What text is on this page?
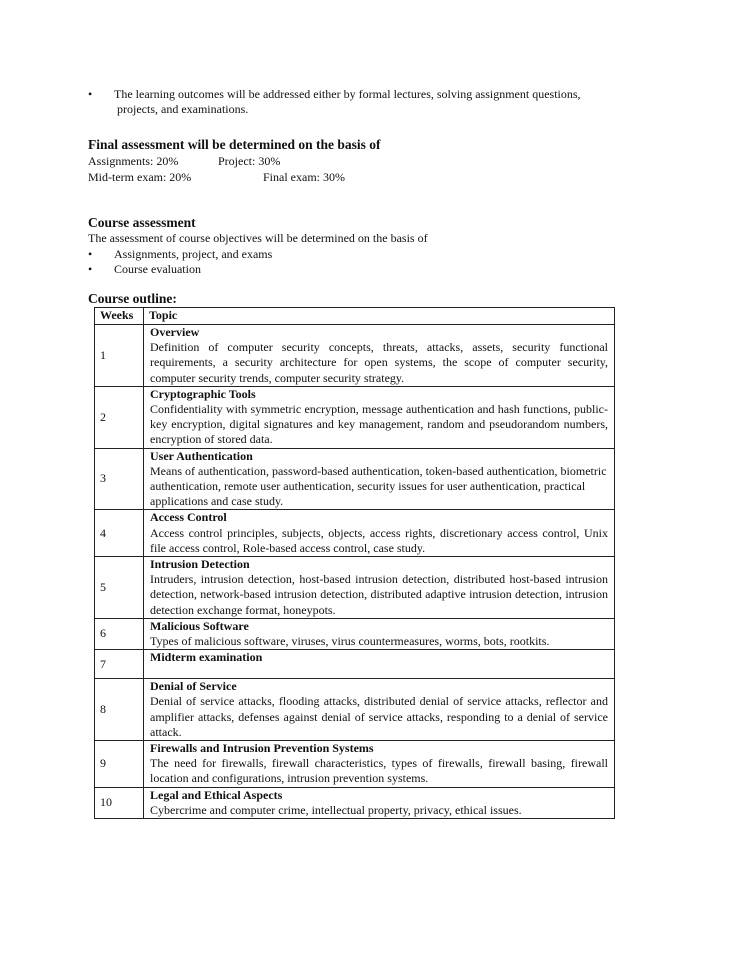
• The learning outcomes will be addressed either by formal lectures, solving assignment questions,
projects, and examinations.
Final assessment will be determined on the basis of
Assignments: 20%	Project: 30%
Mid-term exam: 20%	Final exam: 30%
Course assessment
The assessment of course objectives will be determined on the basis of
• Assignments, project, and exams
• Course evaluation
Course outline:
Weeks	Topic
1	Overview
Definition of computer security concepts, threats, attacks, assets, security functional requirements, a security architecture for open systems, the scope of computer security, computer security trends, computer security strategy.

2	Cryptographic Tools
Confidentiality with symmetric encryption, message authentication and hash functions, public-key encryption, digital signatures and key management, random and pseudorandom numbers, encryption of stored data.

3	User Authentication
Means of authentication, password-based authentication, token-based authentication, biometric authentication, remote user authentication, security issues for user authentication, practical applications and case study.

4	Access Control
Access control principles, subjects, objects, access rights, discretionary access control, Unix file access control, Role-based access control, case study.

5	Intrusion Detection
Intruders, intrusion detection, host-based intrusion detection, distributed host-based intrusion detection, network-based intrusion detection, distributed adaptive intrusion detection, intrusion detection exchange format, honeypots.

6	Malicious Software
Types of malicious software, viruses, virus countermeasures, worms, bots, rootkits.

7	Midterm examination
8	Denial of Service
Denial of service attacks, flooding attacks, distributed denial of service attacks, reflector and amplifier attacks, defenses against denial of service attacks, responding to a denial of service attack.

9	Firewalls and Intrusion Prevention Systems
The need for firewalls, firewall characteristics, types of firewalls, firewall basing, firewall location and configurations, intrusion prevention systems.

10	Legal and Ethical Aspects
Cybercrime and computer crime, intellectual property, privacy, ethical issues.
